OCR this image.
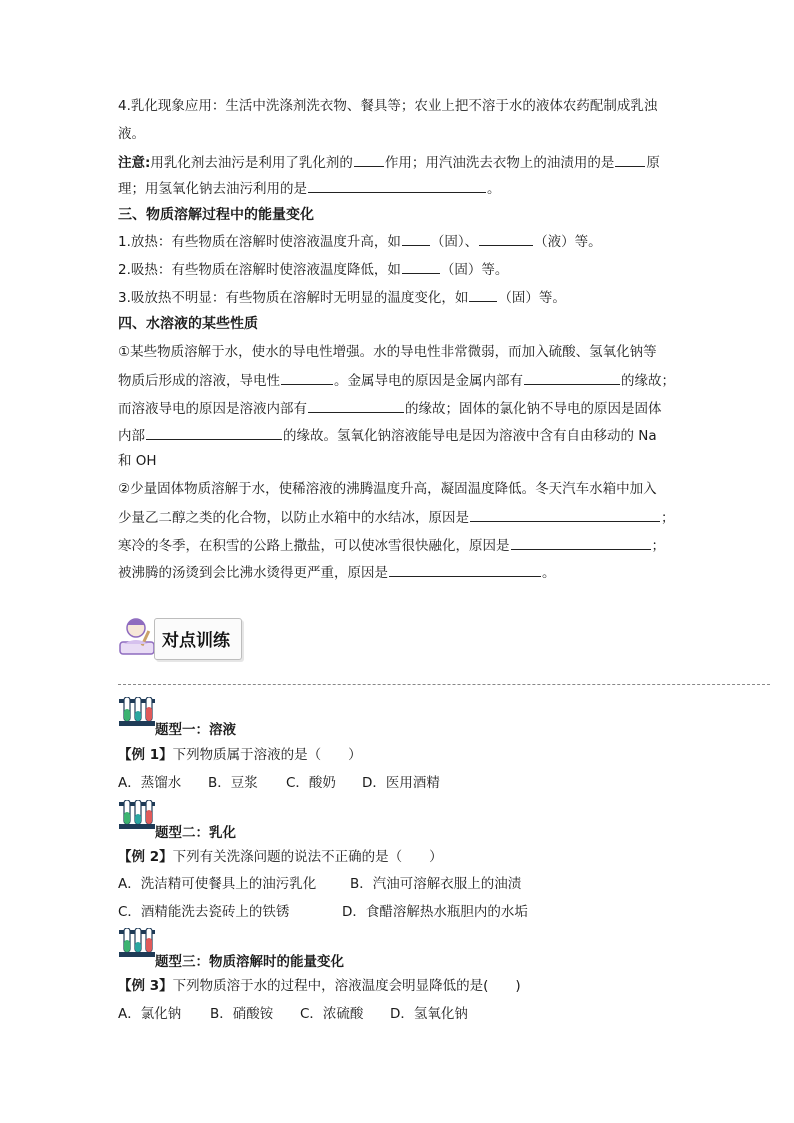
4.乳化现象应用：生活中洗涤剂洗衣物、餐具等；农业上把不溶于水的液体农药配制成乳浊
液。
注意:用乳化剂去油污是利用了乳化剂的 作用；用汽油洗去衣物上的油渍用的是 原
理；用氢氧化钠去油污利用的是	。
三、物质溶解过程中的能量变化
1.放热：有些物质在溶解时使溶液温度升高，如 （固）、	（液）等。
2.吸热：有些物质在溶解时使溶液温度降低，如	（固）等。
3.吸放热不明显：有些物质在溶解时无明显的温度变化，如 （固）等。
四、水溶液的某些性质
①某些物质溶解于水，使水的导电性增强。水的导电性非常微弱，而加入硫酸、氢氧化钠等
物质后形成的溶液，导电性	。金属导电的原因是金属内部有	的缘故；
而溶液导电的原因是溶液内部有	的缘故；固体的氯化钠不导电的原因是固体
内部	的缘故。氢氧化钠溶液能导电是因为溶液中含有自由移动的 Na
和 OH
②少量固体物质溶解于水，使稀溶液的沸腾温度升高，凝固温度降低。冬天汽车水箱中加入
少量乙二醇之类的化合物，以防止水箱中的水结冰，原因是	；
寒冷的冬季，在积雪的公路上撒盐，可以使冰雪很快融化，原因是	；
被沸腾的汤烫到会比沸水烫得更严重，原因是	。
对点训练
题型一：溶液
【例 1】下列物质属于溶液的是（　　）
A．蒸馏水 B．豆浆 C．酸奶 D．医用酒精
题型二：乳化
【例 2】下列有关洗涤问题的说法不正确的是（　　）
A．洗洁精可使餐具上的油污乳化	B．汽油可溶解衣服上的油渍
C．酒精能洗去瓷砖上的铁锈	D．食醋溶解热水瓶胆内的水垢
题型三：物质溶解时的能量变化
【例 3】下列物质溶于水的过程中，溶液温度会明显降低的是(　　)
A．氯化钠 B．硝酸铵 C．浓硫酸 D．氢氧化钠
